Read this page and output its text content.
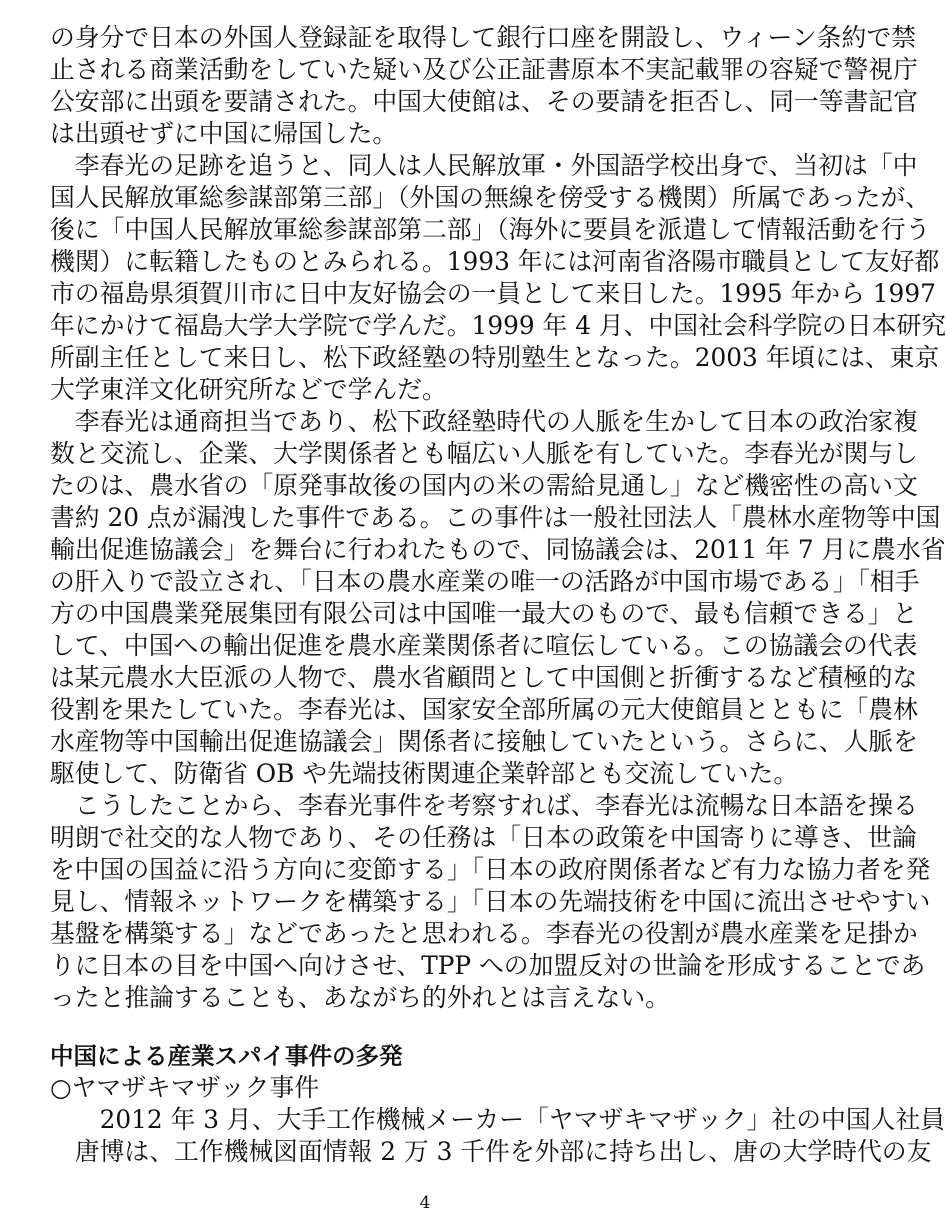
の身分で日本の外国人登録証を取得して銀行口座を開設し、ウィーン条約で禁
止される商業活動をしていた疑い及び公正証書原本不実記載罪の容疑で警視庁
公安部に出頭を要請された。中国大使館は、その要請を拒否し、同一等書記官
は出頭せずに中国に帰国した。
　李春光の足跡を追うと、同人は人民解放軍・外国語学校出身で、当初は「中
国人民解放軍総参謀部第三部」（外国の無線を傍受する機関）所属であったが、
後に「中国人民解放軍総参謀部第二部」（海外に要員を派遣して情報活動を行う
機関）に転籍したものとみられる。1993 年には河南省洛陽市職員として友好都
市の福島県須賀川市に日中友好協会の一員として来日した。1995 年から 1997
年にかけて福島大学大学院で学んだ。1999 年 4 月、中国社会科学院の日本研究
所副主任として来日し、松下政経塾の特別塾生となった。2003 年頃には、東京
大学東洋文化研究所などで学んだ。
　李春光は通商担当であり、松下政経塾時代の人脈を生かして日本の政治家複
数と交流し、企業、大学関係者とも幅広い人脈を有していた。李春光が関与し
たのは、農水省の「原発事故後の国内の米の需給見通し」など機密性の高い文
書約 20 点が漏洩した事件である。この事件は一般社団法人「農林水産物等中国
輸出促進協議会」を舞台に行われたもので、同協議会は、2011 年 7 月に農水省
の肝入りで設立され、「日本の農水産業の唯一の活路が中国市場である」「相手
方の中国農業発展集団有限公司は中国唯一最大のもので、最も信頼できる」と
して、中国への輸出促進を農水産業関係者に喧伝している。この協議会の代表
は某元農水大臣派の人物で、農水省顧問として中国側と折衝するなど積極的な
役割を果たしていた。李春光は、国家安全部所属の元大使館員とともに「農林
水産物等中国輸出促進協議会」関係者に接触していたという。さらに、人脈を
駆使して、防衛省 OB や先端技術関連企業幹部とも交流していた。
　こうしたことから、李春光事件を考察すれば、李春光は流暢な日本語を操る
明朗で社交的な人物であり、その任務は「日本の政策を中国寄りに導き、世論
を中国の国益に沿う方向に変節する」「日本の政府関係者など有力な協力者を発
見し、情報ネットワークを構築する」「日本の先端技術を中国に流出させやすい
基盤を構築する」などであったと思われる。李春光の役割が農水産業を足掛か
りに日本の目を中国へ向けさせ、TPP への加盟反対の世論を形成することであ
ったと推論することも、あながち的外れとは言えない。
中国による産業スパイ事件の多発
○ヤマザキマザック事件
　　2012 年 3 月、大手工作機械メーカー「ヤマザキマザック」社の中国人社員
　唐博は、工作機械図面情報 2 万 3 千件を外部に持ち出し、唐の大学時代の友
4
